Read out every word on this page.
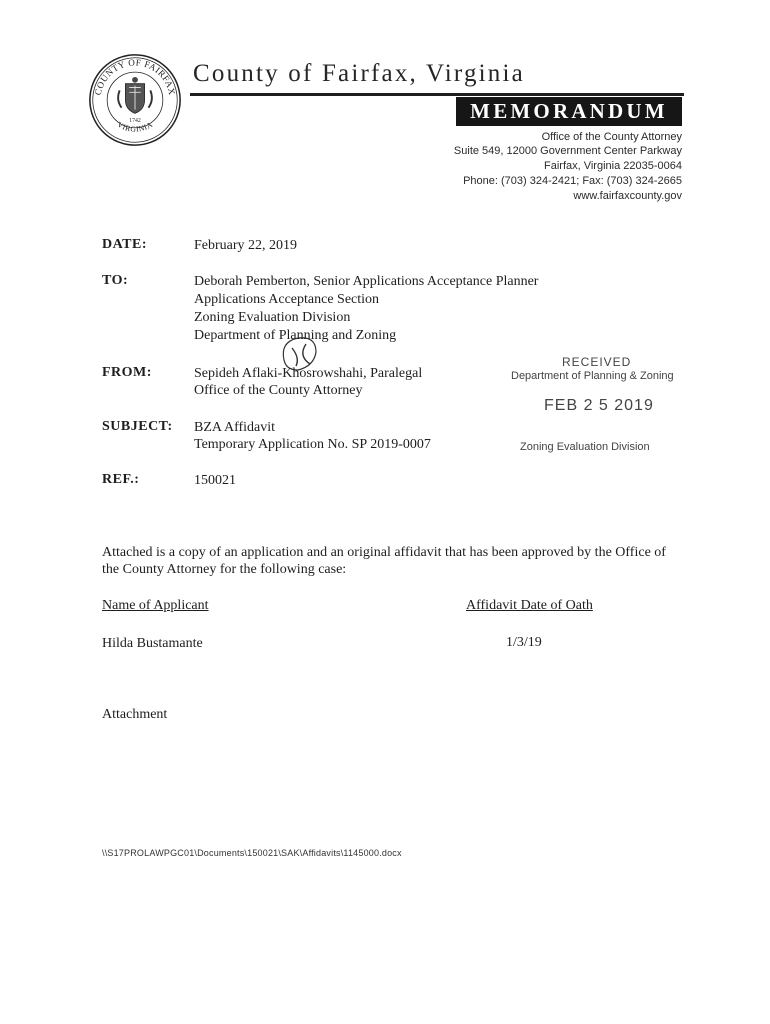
COUNTY OF FAIRFAX
VIRGINIA
1742
County of Fairfax, Virginia
MEMORANDUM
Office of the County Attorney
Suite 549, 12000 Government Center Parkway
Fairfax, Virginia 22035-0064
Phone: (703) 324-2421; Fax: (703) 324-2665
www.fairfaxcounty.gov
DATE:	February 22, 2019
TO:	Deborah Pemberton, Senior Applications Acceptance Planner
Applications Acceptance Section
Zoning Evaluation Division
Department of Planning and Zoning
FROM:	Sepideh Aflaki-Khosrowshahi, Paralegal
Office of the County Attorney
RECEIVED
Department of Planning & Zoning
FEB 2 5 2019
Zoning Evaluation Division
SUBJECT: BZA Affidavit
Temporary Application No. SP 2019-0007
REF.:	150021
Attached is a copy of an application and an original affidavit that has been approved by the Office of the County Attorney for the following case:
Name of Applicant	Affidavit Date of Oath
Hilda Bustamante	1/3/19
Attachment
\\S17PROLAWPGC01\Documents\150021\SAK\Affidavits\1145000.docx
